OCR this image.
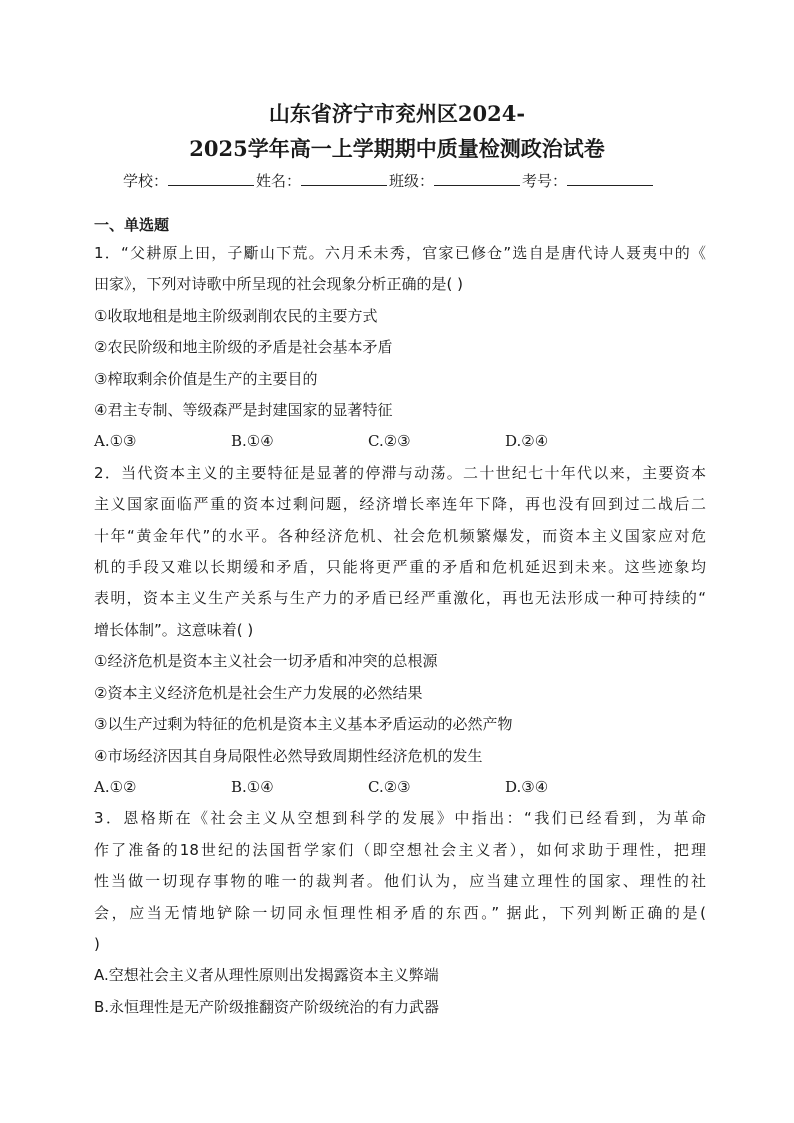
山东省济宁市兖州区2024-
2025学年高一上学期期中质量检测政治试卷
学校：	姓名：	班级：	考号：
一、单选题
1．“父耕原上田，子斸山下荒。六月禾未秀，官家已修仓”选自是唐代诗人聂夷中的《
田家》，下列对诗歌中所呈现的社会现象分析正确的是( )
①收取地租是地主阶级剥削农民的主要方式
②农民阶级和地主阶级的矛盾是社会基本矛盾
③榨取剩余价值是生产的主要目的
④君主专制、等级森严是封建国家的显著特征
A.①③	B.①④	C.②③	D.②④
2．当代资本主义的主要特征是显著的停滞与动荡。二十世纪七十年代以来，主要资本
主义国家面临严重的资本过剩问题，经济增长率连年下降，再也没有回到过二战后二
十年“黄金年代”的水平。各种经济危机、社会危机频繁爆发，而资本主义国家应对危
机的手段又难以长期缓和矛盾，只能将更严重的矛盾和危机延迟到未来。这些迹象均
表明，资本主义生产关系与生产力的矛盾已经严重激化，再也无法形成一种可持续的“
增长体制”。这意味着( )
①经济危机是资本主义社会一切矛盾和冲突的总根源
②资本主义经济危机是社会生产力发展的必然结果
③以生产过剩为特征的危机是资本主义基本矛盾运动的必然产物
④市场经济因其自身局限性必然导致周期性经济危机的发生
A.①②	B.①④	C.②③	D.③④
3．恩格斯在《社会主义从空想到科学的发展》中指出：“我们已经看到，为革命
作了准备的18世纪的法国哲学家们（即空想社会主义者），如何求助于理性，把理
性当做一切现存事物的唯一的裁判者。他们认为，应当建立理性的国家、理性的社
会，应当无情地铲除一切同永恒理性相矛盾的东西。” 据此，下列判断正确的是(
)
A.空想社会主义者从理性原则出发揭露资本主义弊端
B.永恒理性是无产阶级推翻资产阶级统治的有力武器
